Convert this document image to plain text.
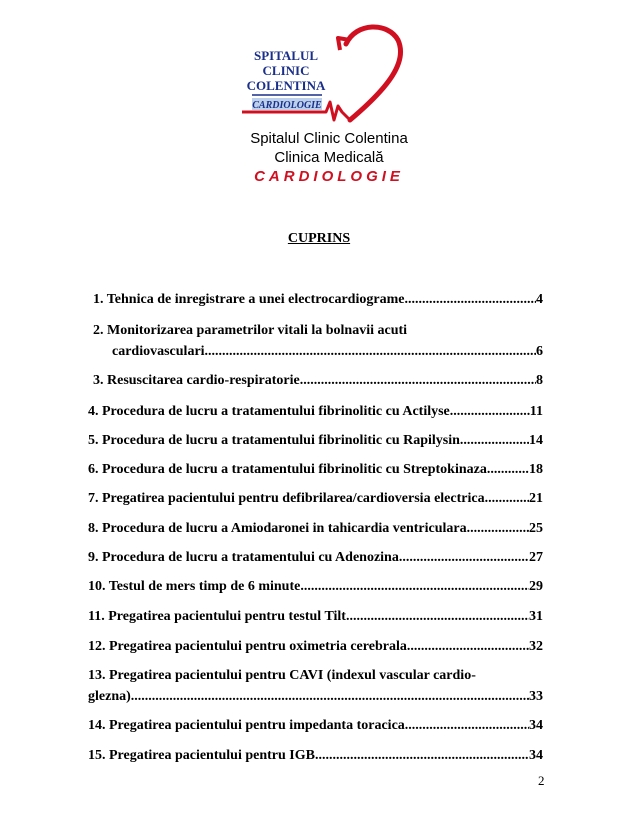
SPITALUL
CLINIC
COLENTINA
CARDIOLOGIE
Spitalul Clinic Colentina
Clinica Medicală
CARDIOLOGIE
CUPRINS
1. Tehnica de inregistrare a unei electrocardiograme .....	4
2. Monitorizarea parametrilor vitali la bolnavii acuti
cardiovasculari .....	6
3. Resuscitarea cardio-respiratorie .....	8
4. Procedura de lucru a tratamentului fibrinolitic cu Actilyse .....	11
5. Procedura de lucru a tratamentului fibrinolitic cu Rapilysin .....	14
6. Procedura de lucru a tratamentului fibrinolitic cu Streptokinaza .....	18
7. Pregatirea pacientului pentru defibrilarea/cardioversia electrica .....	21
8. Procedura de lucru a Amiodaronei in tahicardia ventriculara .....	25
9. Procedura de lucru a tratamentului cu Adenozina .....	27
10. Testul de mers timp de 6 minute .....	29
11. Pregatirea pacientului pentru testul Tilt .....	31
12. Pregatirea pacientului pentru oximetria cerebrala .....	32
13. Pregatirea pacientului pentru CAVI (indexul vascular cardio-
glezna) .....	33
14. Pregatirea pacientului pentru impedanta toracica .....	34
15. Pregatirea pacientului pentru IGB .....	34
2
